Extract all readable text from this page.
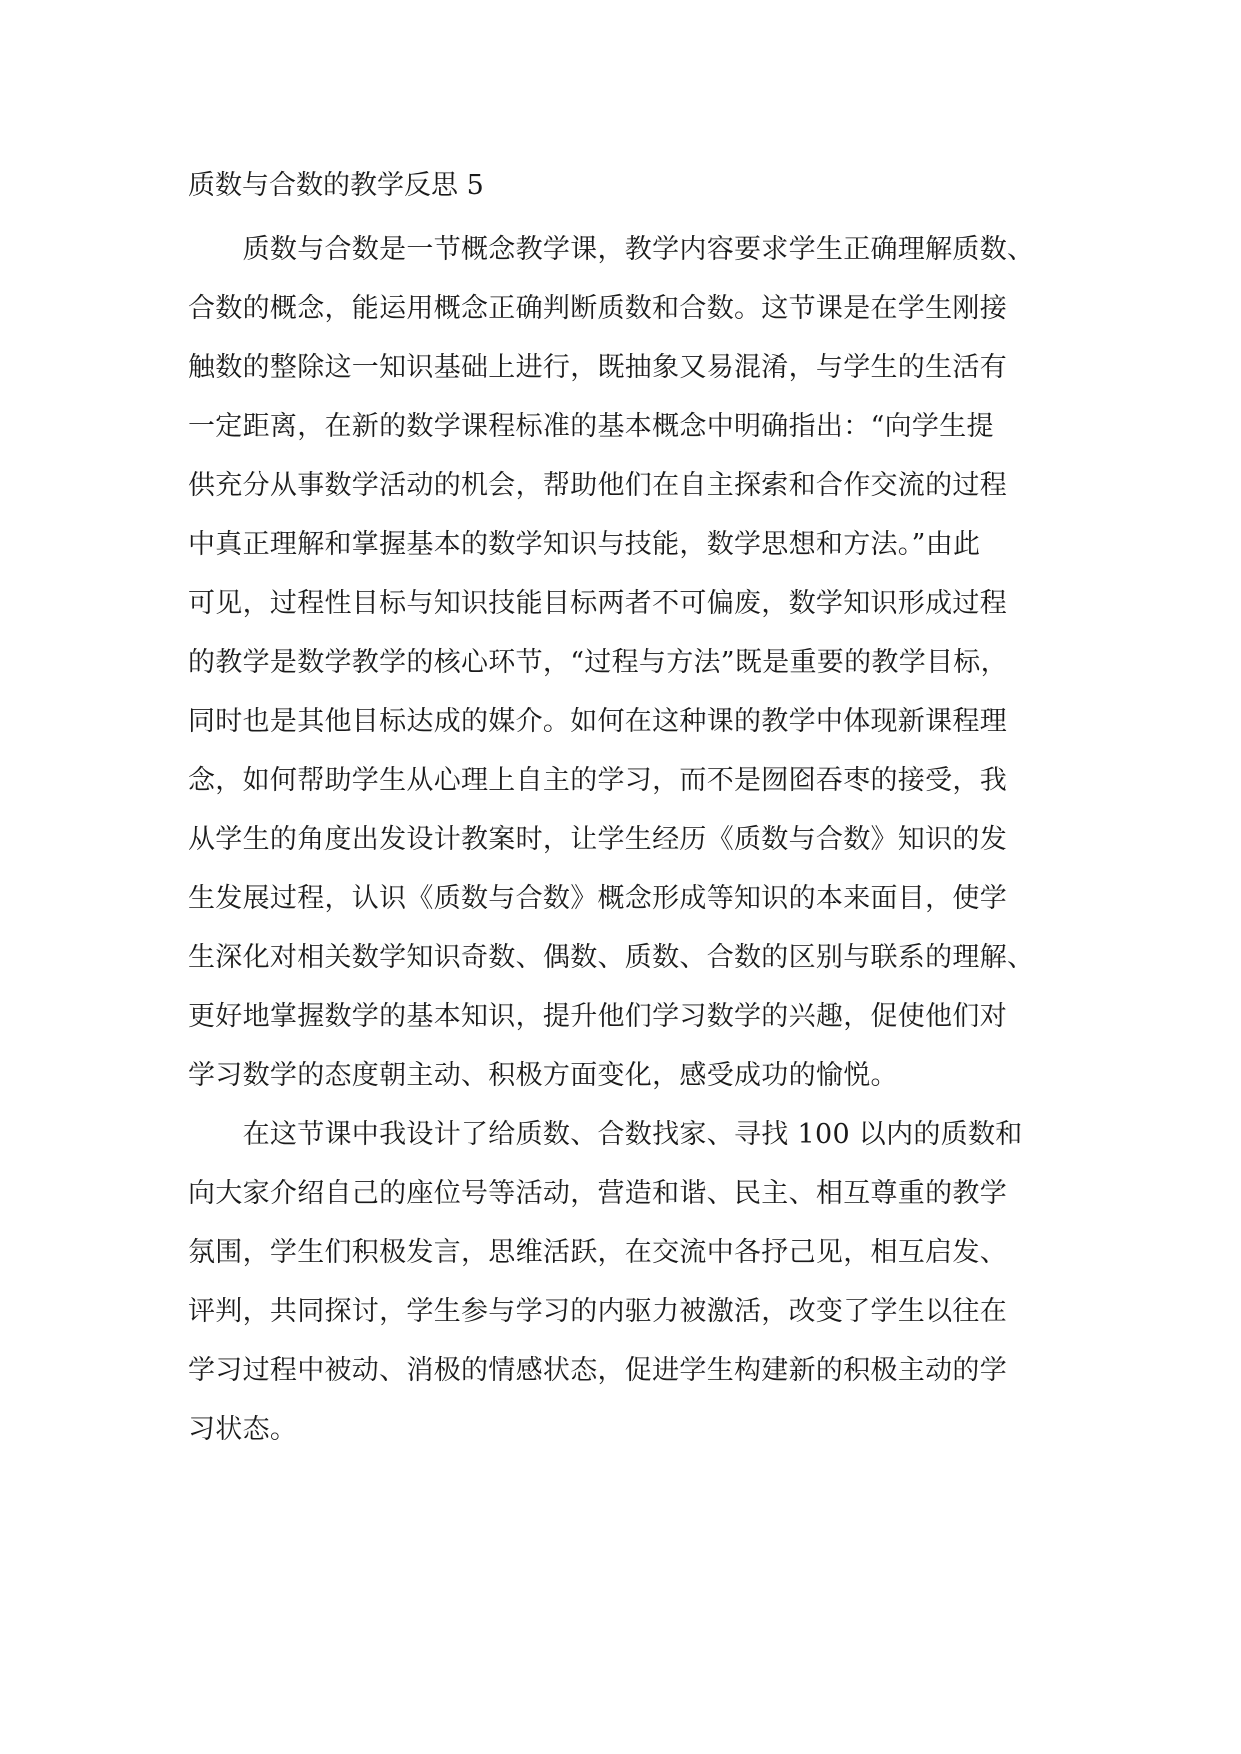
质数与合数的教学反思 5
　　质数与合数是一节概念教学课，教学内容要求学生正确理解质数、
合数的概念，能运用概念正确判断质数和合数。这节课是在学生刚接
触数的整除这一知识基础上进行，既抽象又易混淆，与学生的生活有
一定距离，在新的数学课程标准的基本概念中明确指出：“向学生提
供充分从事数学活动的机会，帮助他们在自主探索和合作交流的过程
中真正理解和掌握基本的数学知识与技能，数学思想和方法。”由此
可见，过程性目标与知识技能目标两者不可偏废，数学知识形成过程
的教学是数学教学的核心环节，“过程与方法”既是重要的教学目标，
同时也是其他目标达成的媒介。如何在这种课的教学中体现新课程理
念，如何帮助学生从心理上自主的学习，而不是囫囵吞枣的接受，我
从学生的角度出发设计教案时，让学生经历《质数与合数》知识的发
生发展过程，认识《质数与合数》概念形成等知识的本来面目，使学
生深化对相关数学知识奇数、偶数、质数、合数的区别与联系的理解、
更好地掌握数学的基本知识，提升他们学习数学的兴趣，促使他们对
学习数学的态度朝主动、积极方面变化，感受成功的愉悦。
　　在这节课中我设计了给质数、合数找家、寻找 100 以内的质数和
向大家介绍自己的座位号等活动，营造和谐、民主、相互尊重的教学
氛围，学生们积极发言，思维活跃，在交流中各抒己见，相互启发、
评判，共同探讨，学生参与学习的内驱力被激活，改变了学生以往在
学习过程中被动、消极的情感状态，促进学生构建新的积极主动的学
习状态。
